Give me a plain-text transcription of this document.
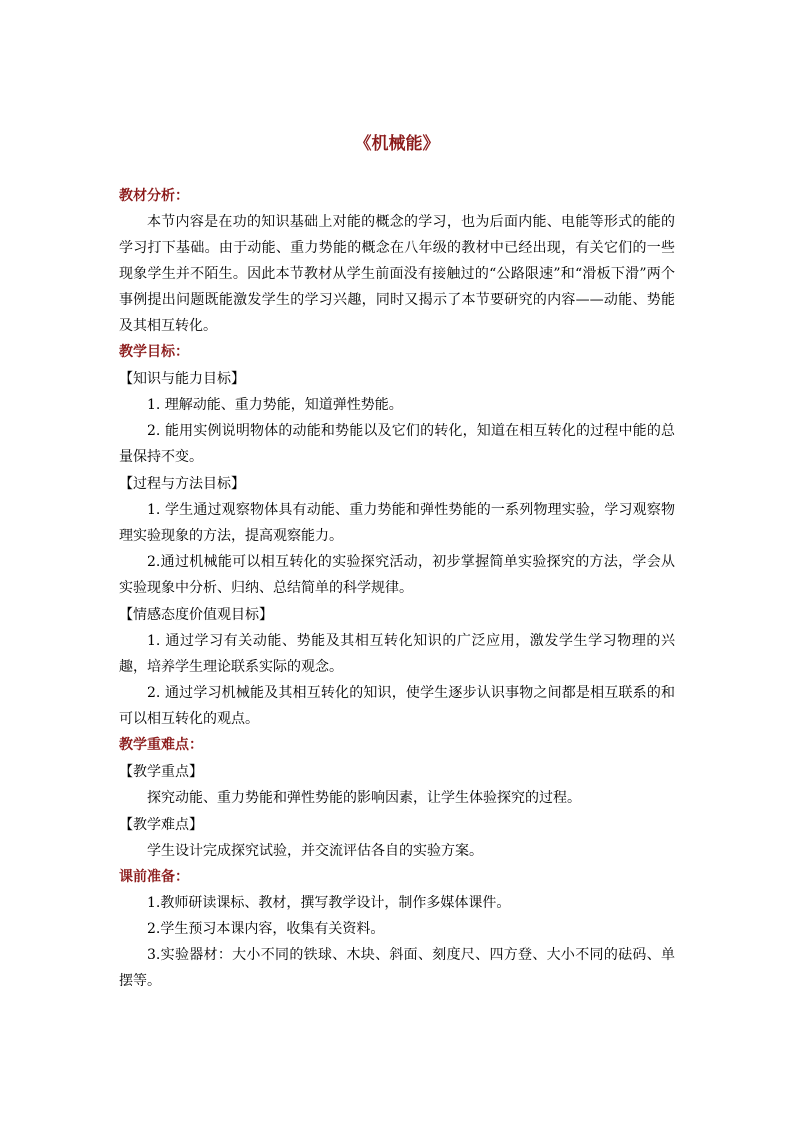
《机械能》
教材分析：
本节内容是在功的知识基础上对能的概念的学习，也为后面内能、电能等形式的能的学习打下基础。由于动能、重力势能的概念在八年级的教材中已经出现，有关它们的一些现象学生并不陌生。因此本节教材从学生前面没有接触过的“公路限速”和“滑板下滑”两个事例提出问题既能激发学生的学习兴趣，同时又揭示了本节要研究的内容——动能、势能及其相互转化。
教学目标：
【知识与能力目标】
1. 理解动能、重力势能，知道弹性势能。
2. 能用实例说明物体的动能和势能以及它们的转化，知道在相互转化的过程中能的总量保持不变。
【过程与方法目标】
1. 学生通过观察物体具有动能、重力势能和弹性势能的一系列物理实验，学习观察物理实验现象的方法，提高观察能力。
2.通过机械能可以相互转化的实验探究活动，初步掌握简单实验探究的方法，学会从实验现象中分析、归纳、总结简单的科学规律。
【情感态度价值观目标】
1. 通过学习有关动能、势能及其相互转化知识的广泛应用，激发学生学习物理的兴趣，培养学生理论联系实际的观念。
2. 通过学习机械能及其相互转化的知识，使学生逐步认识事物之间都是相互联系的和可以相互转化的观点。
教学重难点：
【教学重点】
探究动能、重力势能和弹性势能的影响因素，让学生体验探究的过程。
【教学难点】
学生设计完成探究试验，并交流评估各自的实验方案。
课前准备：
1.教师研读课标、教材，撰写教学设计，制作多媒体课件。
2.学生预习本课内容，收集有关资料。
3.实验器材：大小不同的铁球、木块、斜面、刻度尺、四方登、大小不同的砝码、单摆等。
